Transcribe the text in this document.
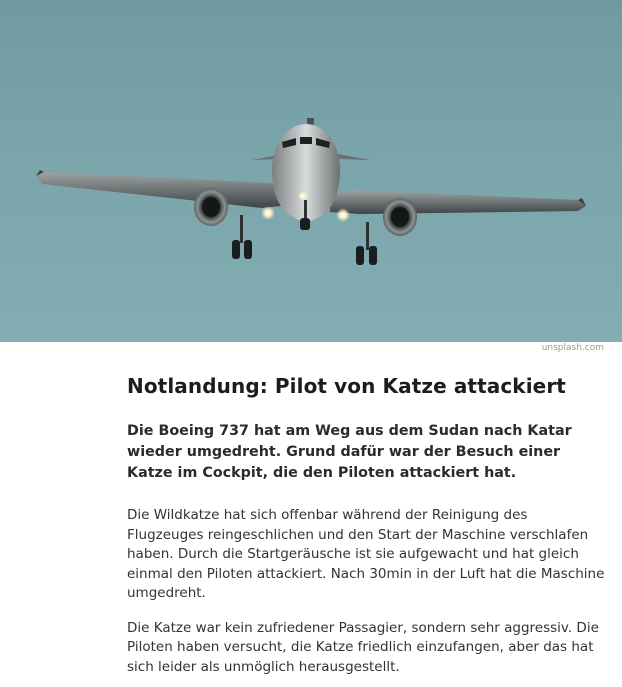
unsplash.com
Notlandung: Pilot von Katze attackiert

Die Boeing 737 hat am Weg aus dem Sudan nach Katar wieder umgedreht. Grund dafür war der Besuch einer Katze im Cockpit, die den Piloten attackiert hat.

Die Wildkatze hat sich offenbar während der Reinigung des Flugzeuges reingeschlichen und den Start der Maschine verschlafen haben. Durch die Startgeräusche ist sie aufgewacht und hat gleich einmal den Piloten attackiert. Nach 30min in der Luft hat die Maschine umgedreht.

Die Katze war kein zufriedener Passagier, sondern sehr aggressiv. Die Piloten haben versucht, die Katze friedlich einzufangen, aber das hat sich leider als unmöglich herausgestellt.
